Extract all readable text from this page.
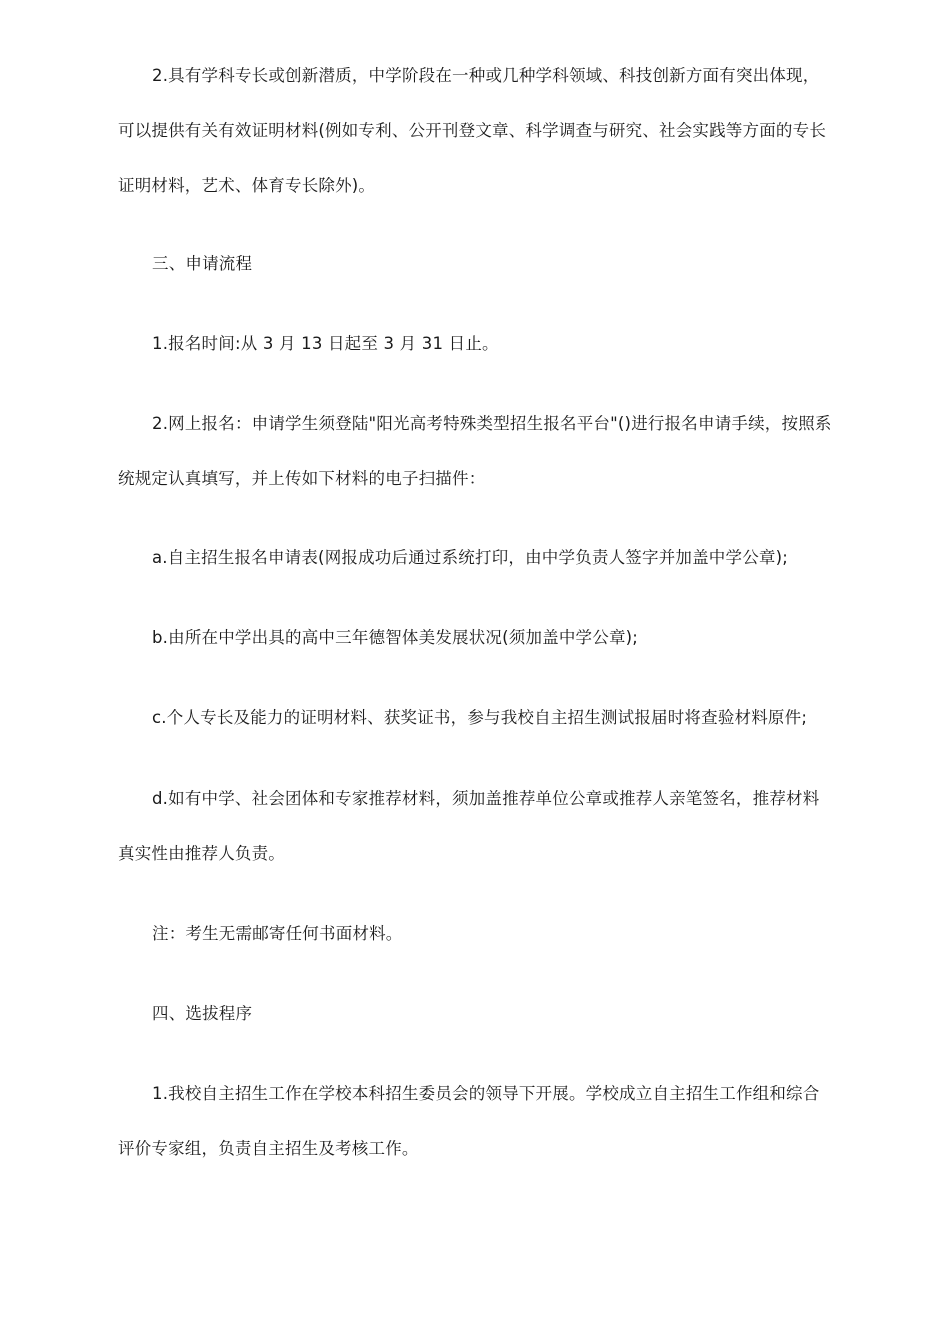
2.具有学科专长或创新潜质，中学阶段在一种或几种学科领域、科技创新方面有突出体现，
可以提供有关有效证明材料(例如专利、公开刊登文章、科学调查与研究、社会实践等方面的专长
证明材料，艺术、体育专长除外)。
三、申请流程
1.报名时间:从 3 月 13 日起至 3 月 31 日止。
2.网上报名：申请学生须登陆"阳光高考特殊类型招生报名平台"()进行报名申请手续，按照系
统规定认真填写，并上传如下材料的电子扫描件：
a.自主招生报名申请表(网报成功后通过系统打印，由中学负责人签字并加盖中学公章);
b.由所在中学出具的高中三年德智体美发展状况(须加盖中学公章);
c.个人专长及能力的证明材料、获奖证书，参与我校自主招生测试报届时将查验材料原件;
d.如有中学、社会团体和专家推荐材料，须加盖推荐单位公章或推荐人亲笔签名，推荐材料
真实性由推荐人负责。
注：考生无需邮寄任何书面材料。
四、选拔程序
1.我校自主招生工作在学校本科招生委员会的领导下开展。学校成立自主招生工作组和综合
评价专家组，负责自主招生及考核工作。
